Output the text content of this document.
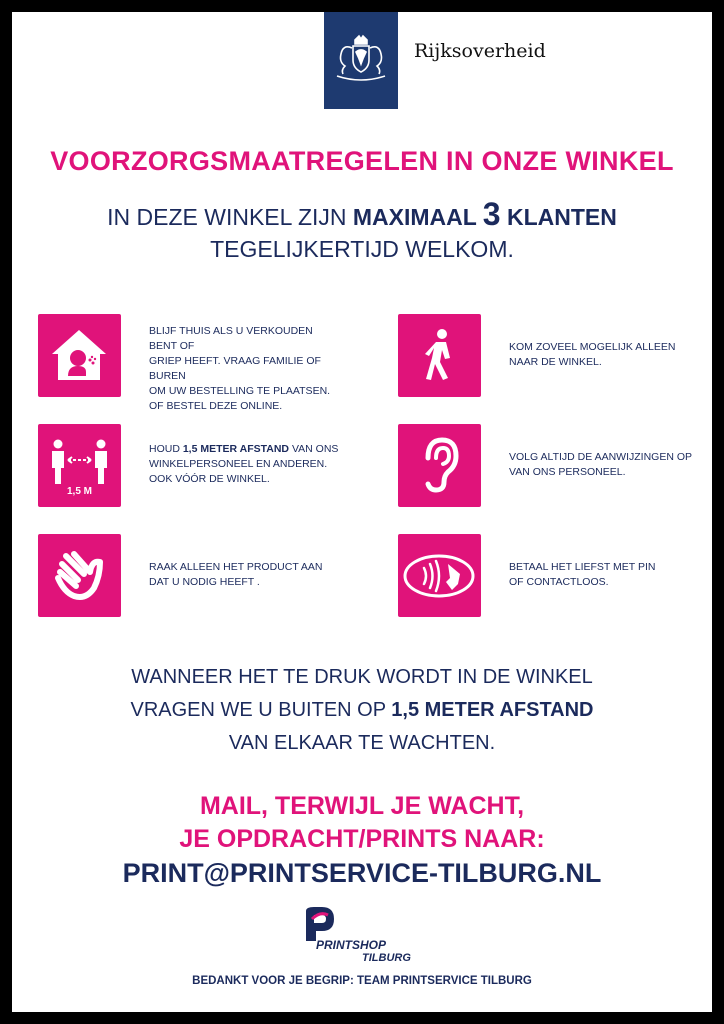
Rijksoverheid
VOORZORGSMAATREGELEN IN ONZE WINKEL
IN DEZE WINKEL ZIJN MAXIMAAL 3 KLANTEN
TEGELIJKERTIJD WELKOM.
BLIJF THUIS ALS U VERKOUDEN BENT OF
GRIEP HEEFT. VRAAG FAMILIE OF BUREN
OM UW BESTELLING TE PLAATSEN.
OF BESTEL DEZE ONLINE.
KOM ZOVEEL MOGELIJK ALLEEN
NAAR DE WINKEL.
1,5 M
HOUD 1,5 METER AFSTAND VAN ONS
WINKELPERSONEEL EN ANDEREN.
OOK VÓÓR DE WINKEL.
VOLG ALTIJD DE AANWIJZINGEN OP
VAN ONS PERSONEEL.
RAAK ALLEEN HET PRODUCT AAN
DAT U NODIG HEEFT .
BETAAL HET LIEFST MET PIN
OF CONTACTLOOS.
WANNEER HET TE DRUK WORDT IN DE WINKEL
VRAGEN WE U BUITEN OP 1,5 METER AFSTAND
VAN ELKAAR TE WACHTEN.
MAIL, TERWIJL JE WACHT,
JE OPDRACHT/PRINTS NAAR:
PRINT@PRINTSERVICE-TILBURG.NL
PRINTSHOP
TILBURG
BEDANKT VOOR JE BEGRIP: TEAM PRINTSERVICE TILBURG
